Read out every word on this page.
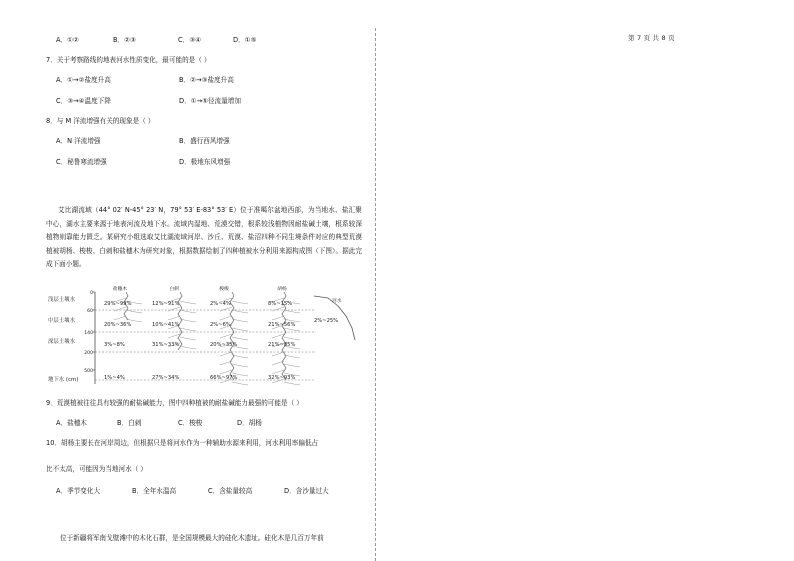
第 7 页 共 8 页
A．①②	B．②③	C．③④	D．①⑤
7．关于考察路线的地表河水性质变化，最可能的是（ ）
A．①→②盐度升高	B．②→③盐度升高
C．③→④温度下降	D．①→⑤径流量增加
8．与 M 洋流增强有关的现象是（ ）
A．N 洋流增强	B．盛行西风增强
C．秘鲁寒流增强	D．极地东风增强
艾比湖流域（44° 02′ N-45° 23′ N，79° 53′ E-83° 53′ E）位于准噶尔盆地西部，为当地水、盐汇聚中心，湖水主要来源于地表河流及地下水。流域内湿地、荒漠交错，根系较浅植物因耐盐碱土壤，根系较深植物则靠能力匮乏。某研究小组选取艾比湖流域河岸、沙丘、荒漠、盐沼四种不同生境条件对应的典型荒漠植被胡杨、梭梭、白刺和盐穗木为研究对象，根据数据绘制了四种植被水分利用来源构成图（下图）。据此完成下面小题。
0
60
140
200
500
浅层土壤水
中层土壤水
深层土壤水
地下水 (cm)
盐穗木	白刺	梭梭	胡杨
29%~99%	12%~91%	2%~4%	8%~15%
20%~36%	10%~41%	2%~6%	21%~56%
3%~8%	31%~33%	20%~35%	21%~85%
1%~4%	27%~34%	66%~97%	32%~93%
河水
2%~25%
9．荒漠植被往往具有较强的耐盐碱能力，图中四种植被的耐盐碱能力最强的可能是（ ）
A．盐穗木	B．白刺	C．梭梭	D．胡杨
10．胡杨主要长在河岸周边，但根据只是将河水作为一种辅助水源来利用，河水利用率偏低占
比不太高，可能因为当地河水（ ）
A．季节变化大	B．全年水温高	C．含盐量较高	D．含沙量过大
位于新疆将军南戈壁滩中的木化石群，是全国规模最大的硅化木遗址。硅化木是几百万年前
